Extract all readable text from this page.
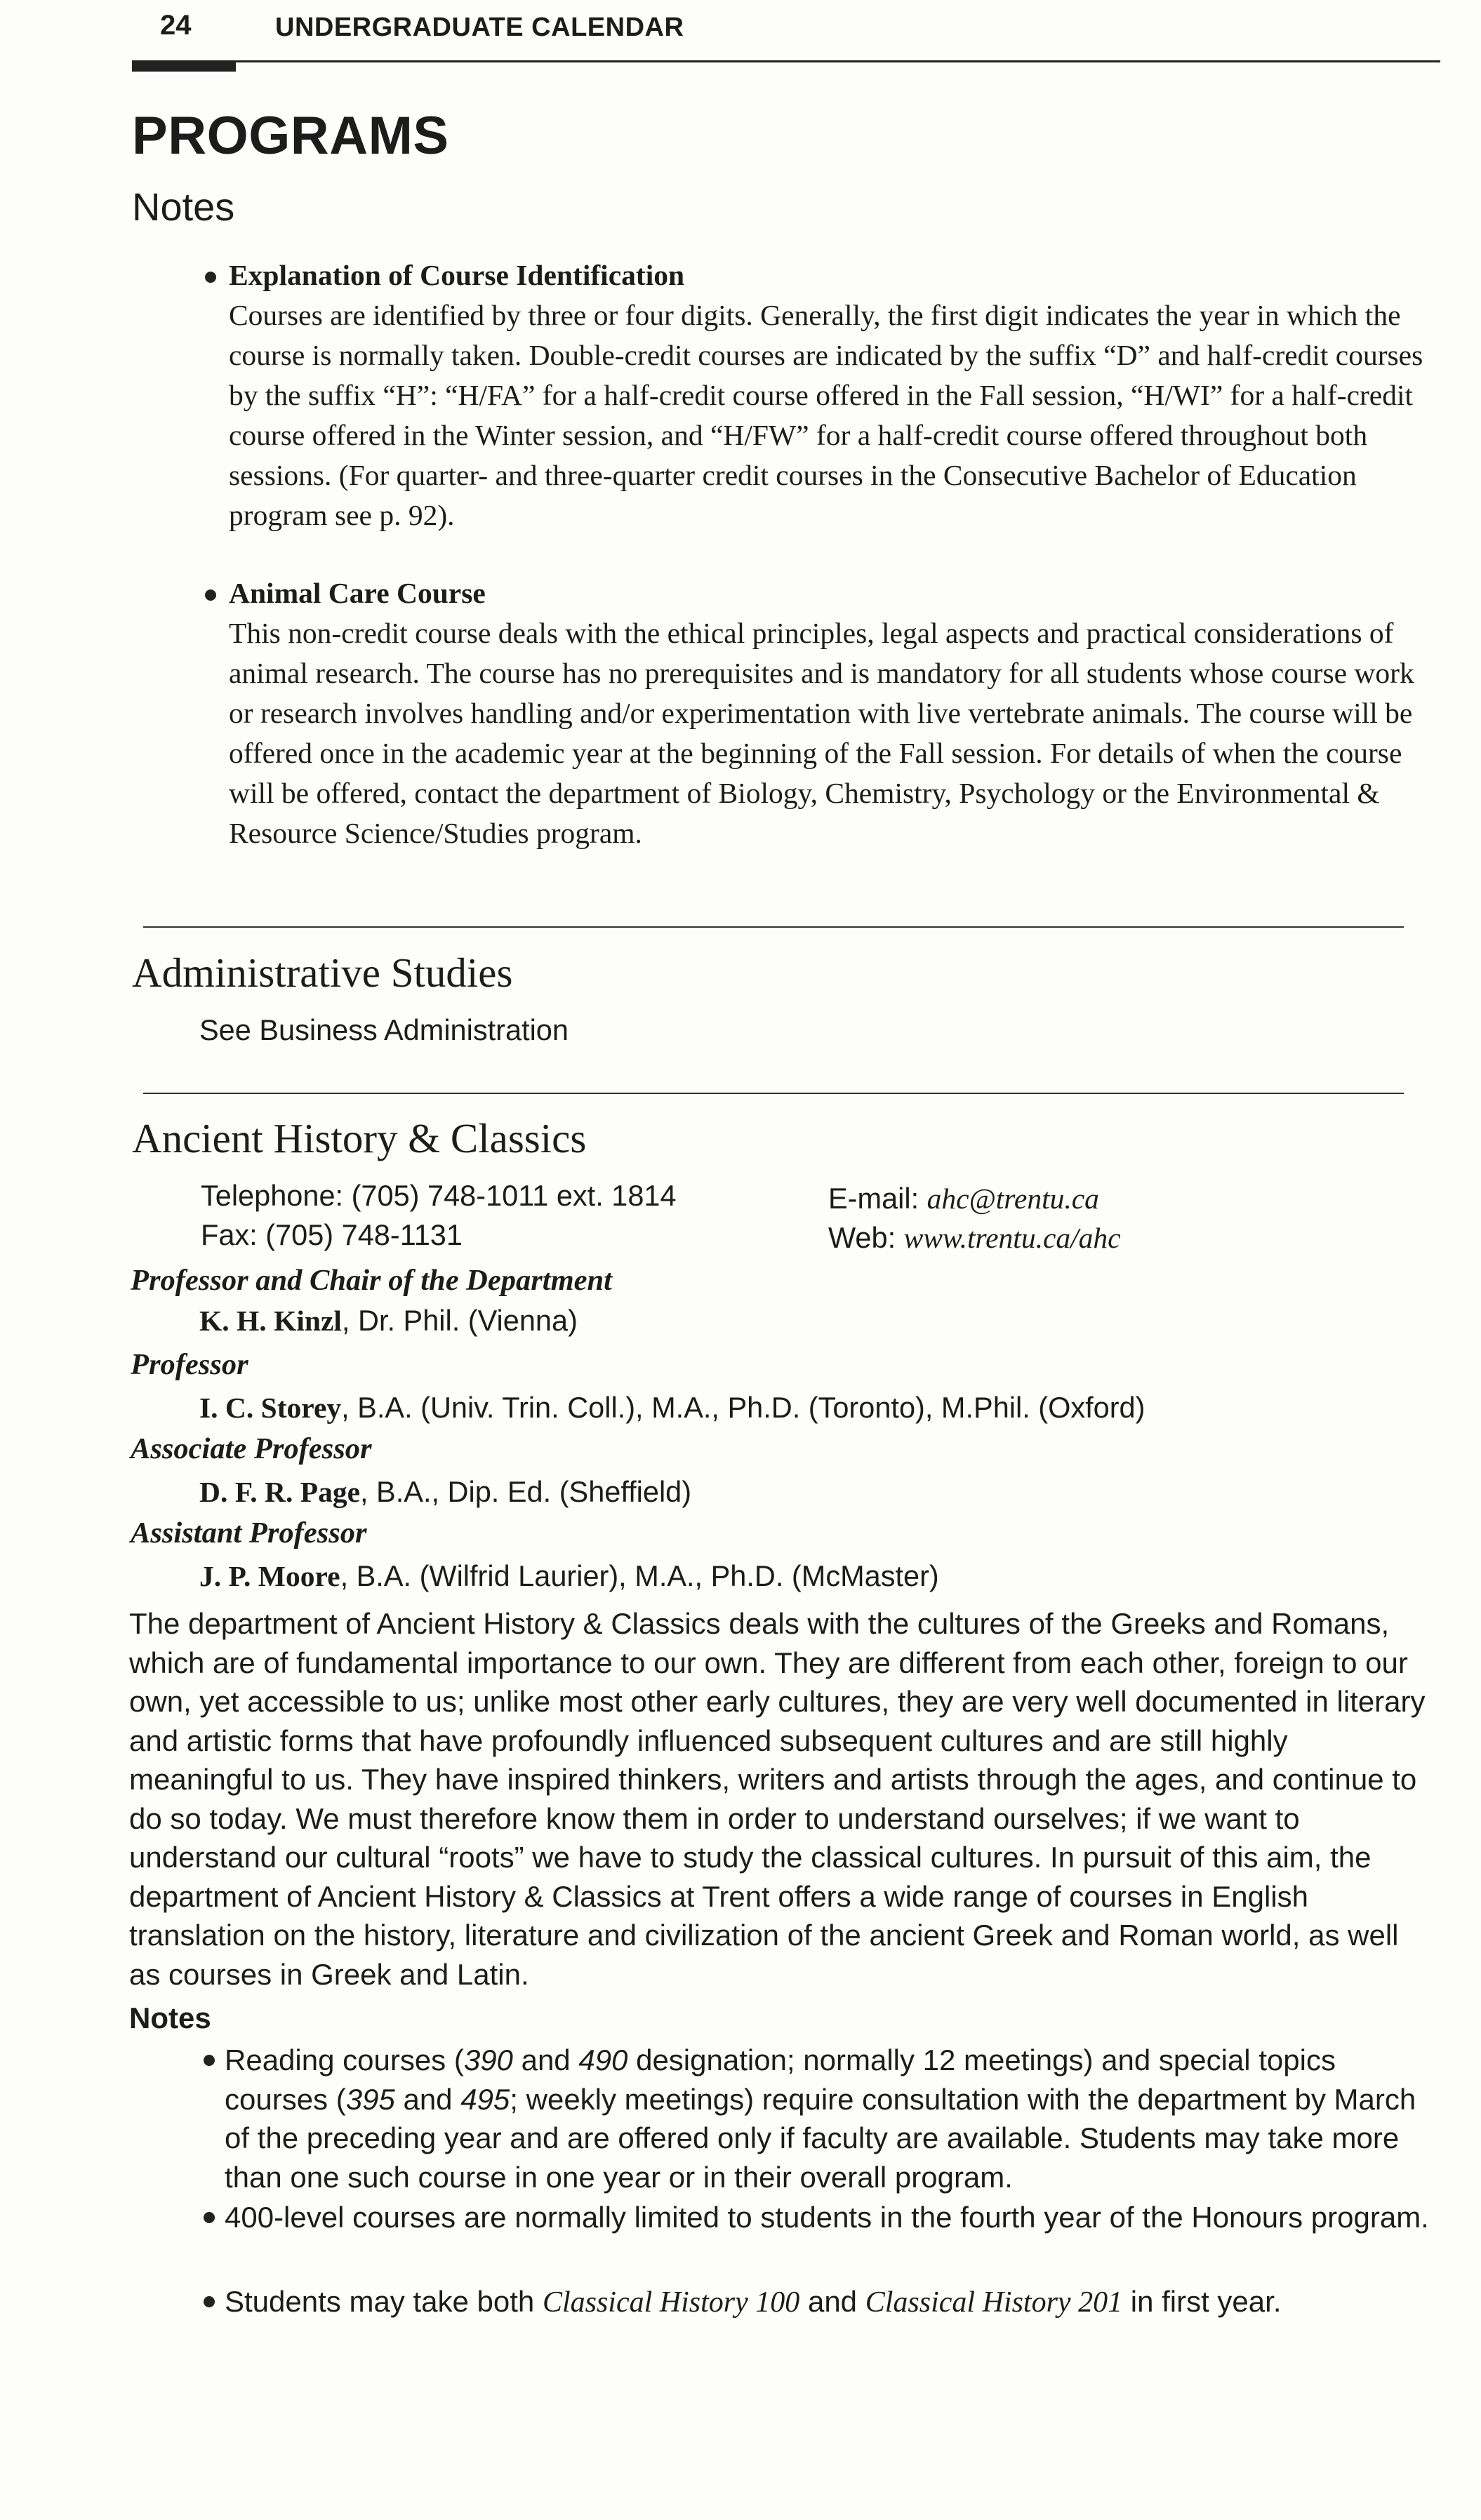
24	UNDERGRADUATE CALENDAR
PROGRAMS
Notes
Explanation of Course Identification
Courses are identified by three or four digits. Generally, the first digit indicates the year in which the course is normally taken. Double-credit courses are indicated by the suffix “D” and half-credit courses by the suffix “H”: “H/FA” for a half-credit course offered in the Fall session, “H/WI” for a half-credit course offered in the Winter session, and “H/FW” for a half-credit course offered throughout both sessions. (For quarter- and three-quarter credit courses in the Consecutive Bachelor of Education program see p. 92).
Animal Care Course
This non-credit course deals with the ethical principles, legal aspects and practical considerations of animal research. The course has no prerequisites and is mandatory for all students whose course work or research involves handling and/or experimentation with live vertebrate animals. The course will be offered once in the academic year at the beginning of the Fall session. For details of when the course will be offered, contact the department of Biology, Chemistry, Psychology or the Environmental & Resource Science/Studies program.
Administrative Studies
See Business Administration
Ancient History & Classics
Telephone: (705) 748-1011 ext. 1814
Fax: (705) 748-1131
E-mail: ahc@trentu.ca
Web: www.trentu.ca/ahc
Professor and Chair of the Department
K. H. Kinzl, Dr. Phil. (Vienna)
Professor
I. C. Storey, B.A. (Univ. Trin. Coll.), M.A., Ph.D. (Toronto), M.Phil. (Oxford)
Associate Professor
D. F. R. Page, B.A., Dip. Ed. (Sheffield)
Assistant Professor
J. P. Moore, B.A. (Wilfrid Laurier), M.A., Ph.D. (McMaster)
The department of Ancient History & Classics deals with the cultures of the Greeks and Romans, which are of fundamental importance to our own. They are different from each other, foreign to our own, yet accessible to us; unlike most other early cultures, they are very well documented in literary and artistic forms that have profoundly influenced subsequent cultures and are still highly meaningful to us. They have inspired thinkers, writers and artists through the ages, and continue to do so today. We must therefore know them in order to understand ourselves; if we want to understand our cultural “roots” we have to study the classical cultures. In pursuit of this aim, the department of Ancient History & Classics at Trent offers a wide range of courses in English translation on the history, literature and civilization of the ancient Greek and Roman world, as well as courses in Greek and Latin.
Notes
Reading courses (390 and 490 designation; normally 12 meetings) and special topics courses (395 and 495; weekly meetings) require consultation with the department by March of the preceding year and are offered only if faculty are available. Students may take more than one such course in one year or in their overall program.
400-level courses are normally limited to students in the fourth year of the Honours program.
Students may take both Classical History 100 and Classical History 201 in first year.
